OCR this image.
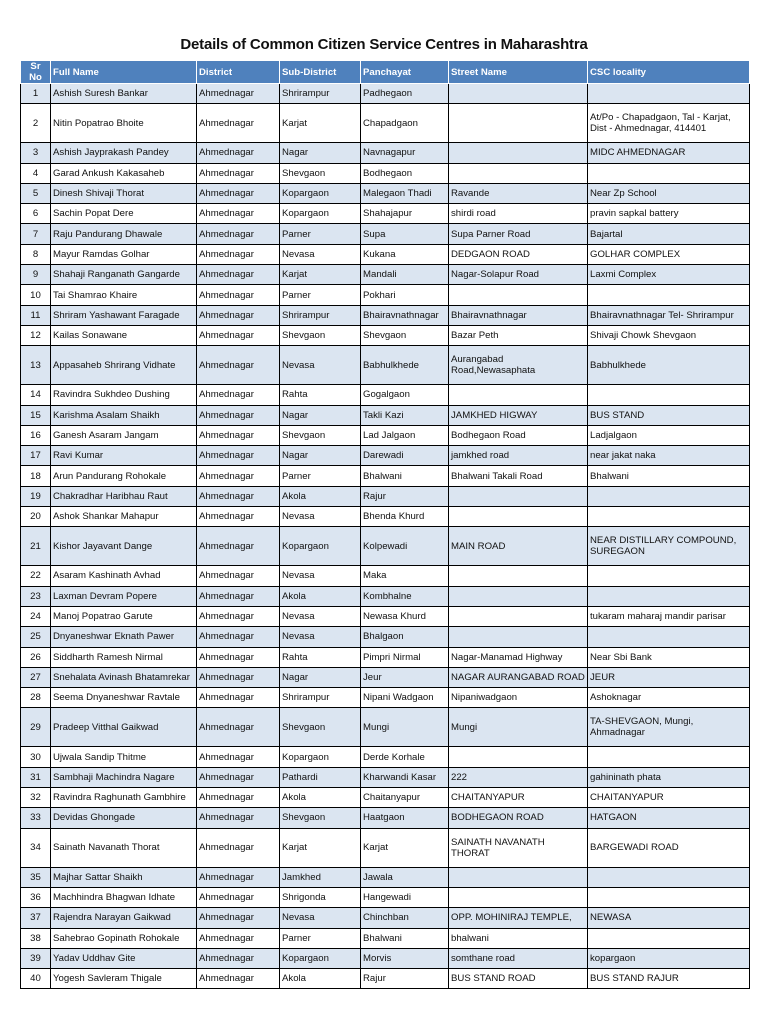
Details of Common Citizen Service Centres in Maharashtra
Sr No	Full Name	District	Sub-District	Panchayat	Street Name	CSC locality
1	Ashish Suresh Bankar	Ahmednagar	Shrirampur	Padhegaon		
2	Nitin Popatrao Bhoite	Ahmednagar	Karjat	Chapadgaon		At/Po - Chapadgaon, Tal - Karjat, Dist - Ahmednagar, 414401
3	Ashish Jayprakash Pandey	Ahmednagar	Nagar	Navnagapur		MIDC AHMEDNAGAR
4	Garad Ankush Kakasaheb	Ahmednagar	Shevgaon	Bodhegaon		
5	Dinesh Shivaji Thorat	Ahmednagar	Kopargaon	Malegaon Thadi	Ravande	Near Zp School
6	Sachin Popat Dere	Ahmednagar	Kopargaon	Shahajapur	shirdi road	pravin sapkal battery
7	Raju Pandurang Dhawale	Ahmednagar	Parner	Supa	Supa Parner Road	Bajartal
8	Mayur Ramdas Golhar	Ahmednagar	Nevasa	Kukana	DEDGAON ROAD	GOLHAR COMPLEX
9	Shahaji Ranganath Gangarde	Ahmednagar	Karjat	Mandali	Nagar-Solapur Road	Laxmi Complex
10	Tai Shamrao Khaire	Ahmednagar	Parner	Pokhari		
11	Shriram Yashawant Faragade	Ahmednagar	Shrirampur	Bhairavnathnagar	Bhairavnathnagar	Bhairavnathnagar Tel- Shrirampur
12	Kailas Sonawane	Ahmednagar	Shevgaon	Shevgaon	Bazar Peth	Shivaji Chowk Shevgaon
13	Appasaheb Shrirang Vidhate	Ahmednagar	Nevasa	Babhulkhede	Aurangabad Road,Newasaphata	Babhulkhede
14	Ravindra Sukhdeo Dushing	Ahmednagar	Rahta	Gogalgaon		
15	Karishma Asalam Shaikh	Ahmednagar	Nagar	Takli Kazi	JAMKHED HIGWAY	BUS STAND
16	Ganesh Asaram Jangam	Ahmednagar	Shevgaon	Lad Jalgaon	Bodhegaon Road	Ladjalgaon
17	Ravi Kumar	Ahmednagar	Nagar	Darewadi	jamkhed road	near jakat naka
18	Arun Pandurang Rohokale	Ahmednagar	Parner	Bhalwani	Bhalwani Takali Road	Bhalwani
19	Chakradhar Haribhau Raut	Ahmednagar	Akola	Rajur		
20	Ashok Shankar Mahapur	Ahmednagar	Nevasa	Bhenda Khurd		
21	Kishor Jayavant Dange	Ahmednagar	Kopargaon	Kolpewadi	MAIN ROAD	NEAR DISTILLARY COMPOUND, SUREGAON
22	Asaram Kashinath Avhad	Ahmednagar	Nevasa	Maka		
23	Laxman Devram Popere	Ahmednagar	Akola	Kombhalne		
24	Manoj Popatrao Garute	Ahmednagar	Nevasa	Newasa Khurd		tukaram maharaj mandir parisar
25	Dnyaneshwar Eknath Pawer	Ahmednagar	Nevasa	Bhalgaon		
26	Siddharth Ramesh Nirmal	Ahmednagar	Rahta	Pimpri Nirmal	Nagar-Manamad Highway	Near Sbi Bank
27	Snehalata Avinash Bhatamrekar	Ahmednagar	Nagar	Jeur	NAGAR AURANGABAD ROAD	JEUR
28	Seema Dnyaneshwar Ravtale	Ahmednagar	Shrirampur	Nipani Wadgaon	Nipaniwadgaon	Ashoknagar
29	Pradeep Vitthal Gaikwad	Ahmednagar	Shevgaon	Mungi	Mungi	TA-SHEVGAON, Mungi, Ahmadnagar
30	Ujwala Sandip Thitme	Ahmednagar	Kopargaon	Derde Korhale		
31	Sambhaji Machindra Nagare	Ahmednagar	Pathardi	Kharwandi Kasar	222	gahininath phata
32	Ravindra Raghunath Gambhire	Ahmednagar	Akola	Chaitanyapur	CHAITANYAPUR	CHAITANYAPUR
33	Devidas Ghongade	Ahmednagar	Shevgaon	Haatgaon	BODHEGAON ROAD	HATGAON
34	Sainath Navanath Thorat	Ahmednagar	Karjat	Karjat	SAINATH NAVANATH THORAT	BARGEWADI ROAD
35	Majhar Sattar Shaikh	Ahmednagar	Jamkhed	Jawala		
36	Machhindra Bhagwan Idhate	Ahmednagar	Shrigonda	Hangewadi		
37	Rajendra Narayan Gaikwad	Ahmednagar	Nevasa	Chinchban	OPP. MOHINIRAJ TEMPLE,	NEWASA
38	Sahebrao Gopinath Rohokale	Ahmednagar	Parner	Bhalwani	bhalwani	
39	Yadav Uddhav Gite	Ahmednagar	Kopargaon	Morvis	somthane road	kopargaon
40	Yogesh Savleram Thigale	Ahmednagar	Akola	Rajur	BUS STAND ROAD	BUS STAND RAJUR
